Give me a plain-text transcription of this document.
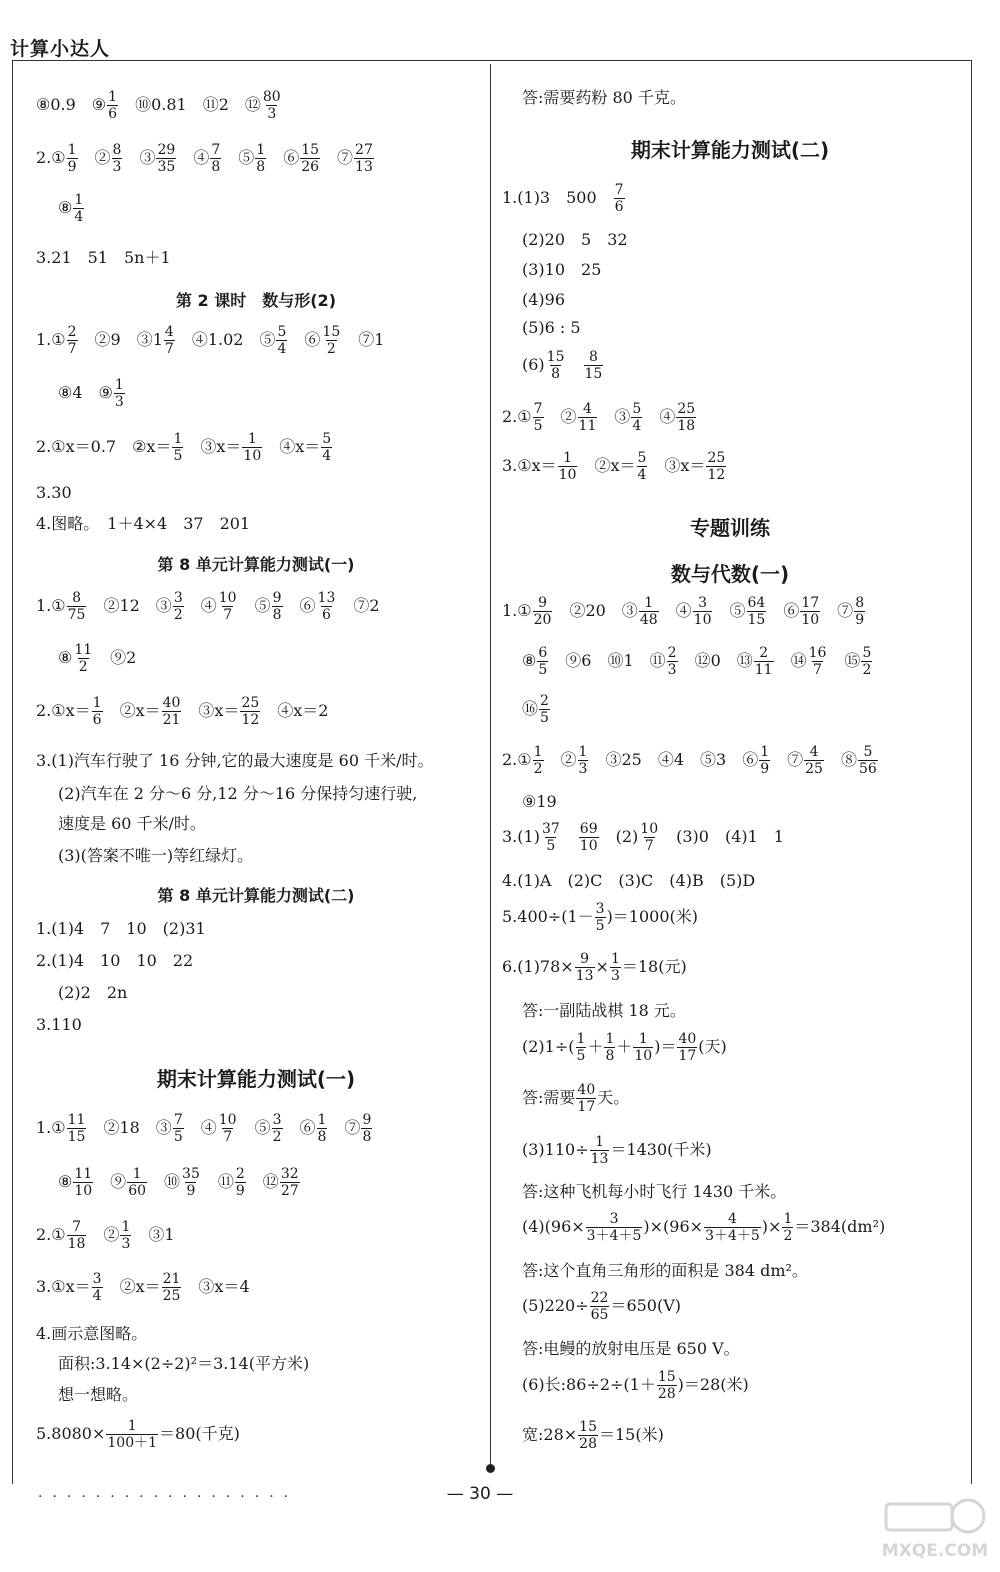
计算小达人
⑧0.9　⑨ $\frac{1}{6}$ 　⑩0.81　⑪2　⑫ $\frac{80}{3}$
2.① $\frac{1}{9}$ 　② $\frac{8}{3}$ 　③ $\frac{29}{35}$ 　④ $\frac{7}{8}$ 　⑤ $\frac{1}{8}$ 　⑥ $\frac{15}{26}$ 　⑦ $\frac{27}{13}$
⑧ $\frac{1}{4}$
3.21　51　5n＋1
第 2 课时　数与形(2)
1.① $\frac{2}{7}$ 　②9　③1 $\frac{4}{7}$ 　④1.02　⑤ $\frac{5}{4}$ 　⑥ $\frac{15}{2}$ 　⑦1
⑧4　⑨ $\frac{1}{3}$
2.①x＝0.7　②x＝ $\frac{1}{5}$ 　③x＝ $\frac{1}{10}$ 　④x＝ $\frac{5}{4}$
3.30
4.图略。　1＋4×4　37　201
第 8 单元计算能力测试(一)
1.① $\frac{8}{75}$ 　②12　③ $\frac{3}{2}$ 　④ $\frac{10}{7}$ 　⑤ $\frac{9}{8}$ 　⑥ $\frac{13}{6}$ 　⑦2
⑧ $\frac{11}{2}$ 　⑨2
2.①x＝ $\frac{1}{6}$ 　②x＝ $\frac{40}{21}$ 　③x＝ $\frac{25}{12}$ 　④x＝2
3.(1)汽车行驶了 16 分钟,它的最大速度是 60 千米/时。
(2)汽车在 2 分～6 分,12 分～16 分保持匀速行驶,
速度是 60 千米/时。
(3)(答案不唯一)等红绿灯。
第 8 单元计算能力测试(二)
1.(1)4　7　10　(2)31
2.(1)4　10　10　22
(2)2　2n
3.110
期末计算能力测试(一)
1.① $\frac{11}{15}$ 　②18　③ $\frac{7}{5}$ 　④ $\frac{10}{7}$ 　⑤ $\frac{3}{2}$ 　⑥ $\frac{1}{8}$ 　⑦ $\frac{9}{8}$
⑧ $\frac{11}{10}$ 　⑨ $\frac{1}{60}$ 　⑩ $\frac{35}{9}$ 　⑪ $\frac{2}{9}$ 　⑫ $\frac{32}{27}$
2.① $\frac{7}{18}$ 　② $\frac{1}{3}$ 　③1
3.①x＝ $\frac{3}{4}$ 　②x＝ $\frac{21}{25}$ 　③x＝4
4.画示意图略。
面积:3.14×(2÷2)²＝3.14(平方米)
想一想略。
$5.8080\times \frac{1}{100+1} =80$(千克)
答:需要药粉 80 千克。
期末计算能力测试(二)
1.(1)3　500　 $\frac{7}{6}$
(2)20　5　32
(3)10　25
(4)96
(5)6 : 5
$(6) \frac{15}{8}$
　 $\frac{8}{15}$
2.① $\frac{7}{5}$ 　② $\frac{4}{11}$ 　③ $\frac{5}{4}$ 　④ $\frac{25}{18}$
3.①x＝ $\frac{1}{10}$ 　②x＝ $\frac{5}{4}$ 　③x＝ $\frac{25}{12}$
专题训练
数与代数(一)
1.① $\frac{9}{20}$ 　②20　③ $\frac{1}{48}$ 　④ $\frac{3}{10}$ 　⑤ $\frac{64}{15}$ 　⑥ $\frac{17}{10}$ 　⑦ $\frac{8}{9}$
⑧ $\frac{6}{5}$ 　⑨6　⑩1　⑪ $\frac{2}{3}$ 　⑫0　⑬ $\frac{2}{11}$ 　⑭ $\frac{16}{7}$ 　⑮ $\frac{5}{2}$
⑯ $\frac{2}{5}$
2.① $\frac{1}{2}$ 　② $\frac{1}{3}$ 　③25　④4　⑤3　⑥ $\frac{1}{9}$ 　⑦ $\frac{4}{25}$ 　⑧ $\frac{5}{56}$
⑨19
$3.(1) \frac{37}{5}$
　 $\frac{69}{10}$ 　$(2) \frac{10}{7}$ 　(3)0　(4)1　1
4.(1)A　(2)C　(3)C　(4)B　(5)D
$5.400\div(1- \frac{3}{5} )=1000$(米)
$6.(1)78\times \frac{9}{13} \times \frac{1}{3} =18$(元)
答:一副陆战棋 18 元。
$(2)1\div( \frac{1}{5} + \frac{1}{8} + \frac{1}{10}$ )＝ $\frac{40}{17}$ (天)
答:需要 $\frac{40}{17}$ 天。
$(3)110\div \frac{1}{13} =1430$(千米)
答:这种飞机每小时飞行 1430 千米。
$(4)(96\times \frac{3}{3+4+5} )\times(96\times \frac{4}{3+4+5}$ )× $\frac{1}{2} =384(dm^2)$
答:这个直角三角形的面积是 384 dm²。
$(5)220\div \frac{22}{65} =650(V)$
答:电鳗的放射电压是 650 V。
(6)长:86÷2÷(1＋ $\frac{15}{28} )=28$(米)
宽:28× $\frac{15}{28} =15$(米)
··················	— 30 —
MXQE.COM
